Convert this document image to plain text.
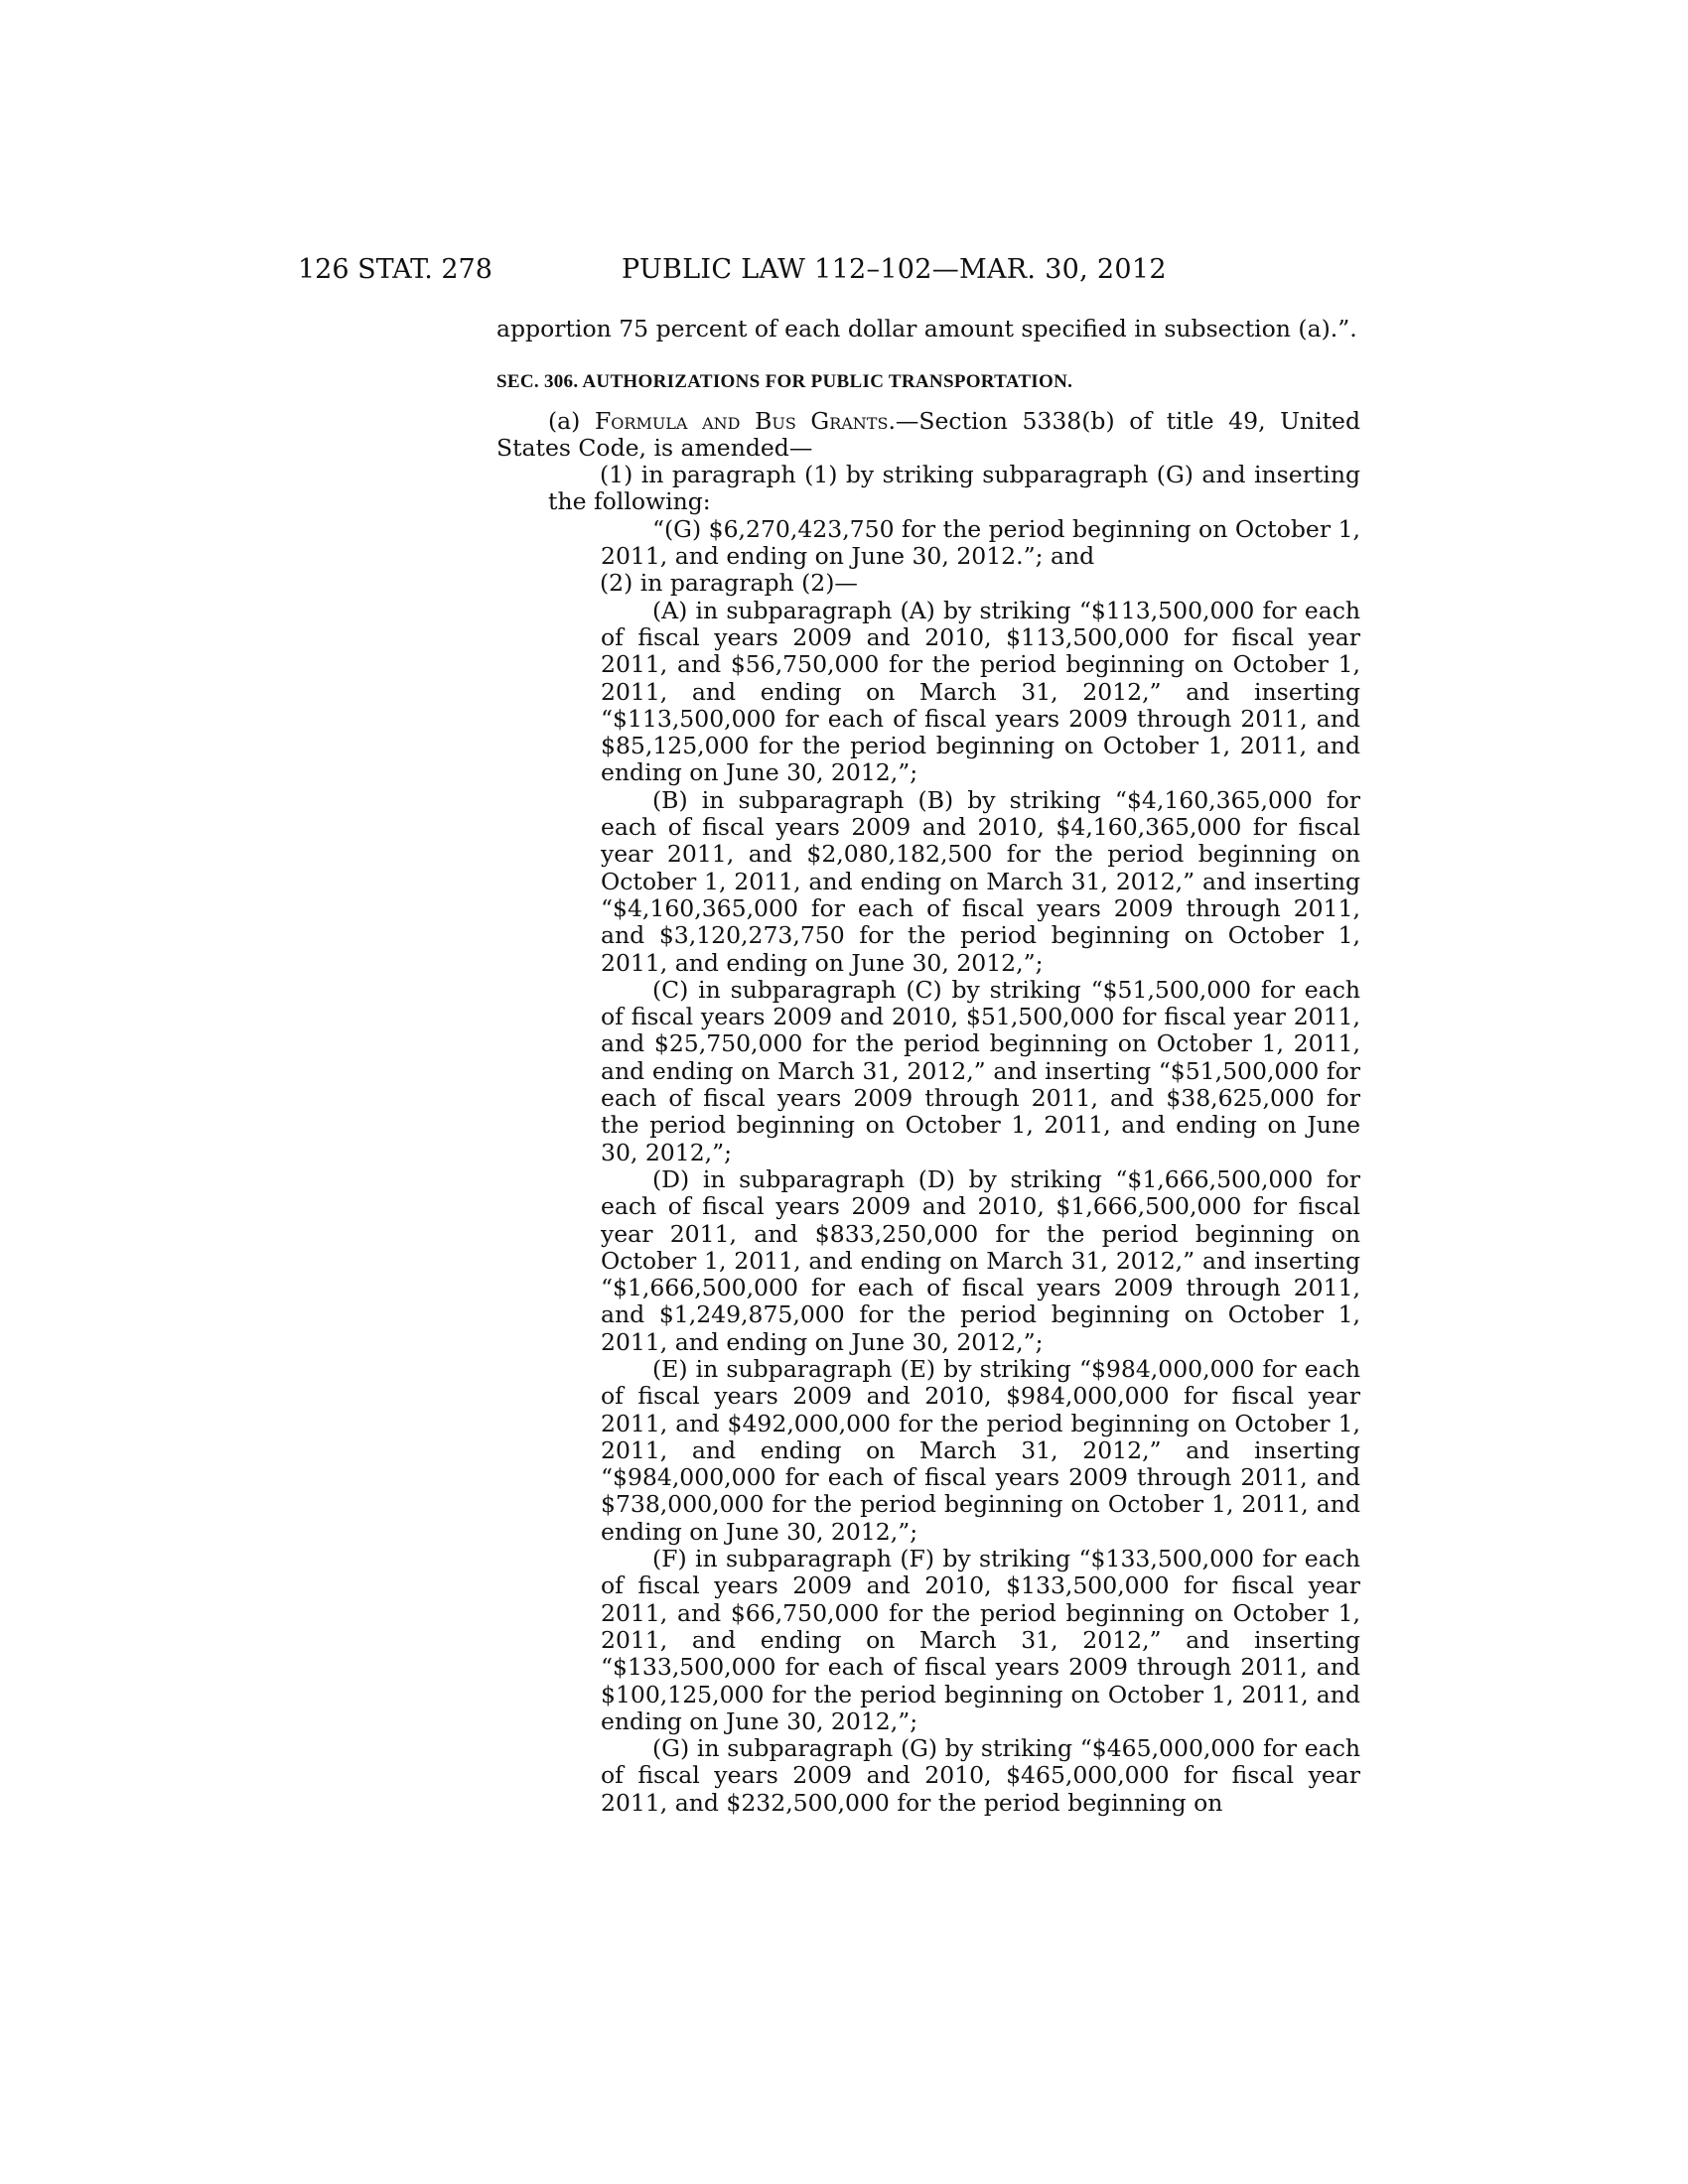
126 STAT. 278	PUBLIC LAW 112–102—MAR. 30, 2012

apportion 75 percent of each dollar amount specified in subsection (a).”.

SEC. 306. AUTHORIZATIONS FOR PUBLIC TRANSPORTATION.

(a) Formula and Bus Grants.—Section 5338(b) of title 49, United States Code, is amended—

(1) in paragraph (1) by striking subparagraph (G) and inserting the following:

“(G) $6,270,423,750 for the period beginning on October 1, 2011, and ending on June 30, 2012.”; and

(2) in paragraph (2)—

(A) in subparagraph (A) by striking “$113,500,000 for each of fiscal years 2009 and 2010, $113,500,000 for fiscal year 2011, and $56,750,000 for the period beginning on October 1, 2011, and ending on March 31, 2012,” and inserting “$113,500,000 for each of fiscal years 2009 through 2011, and $85,125,000 for the period beginning on October 1, 2011, and ending on June 30, 2012,”;

(B) in subparagraph (B) by striking “$4,160,365,000 for each of fiscal years 2009 and 2010, $4,160,365,000 for fiscal year 2011, and $2,080,182,500 for the period beginning on October 1, 2011, and ending on March 31, 2012,” and inserting “$4,160,365,000 for each of fiscal years 2009 through 2011, and $3,120,273,750 for the period beginning on October 1, 2011, and ending on June 30, 2012,”;

(C) in subparagraph (C) by striking “$51,500,000 for each of fiscal years 2009 and 2010, $51,500,000 for fiscal year 2011, and $25,750,000 for the period beginning on October 1, 2011, and ending on March 31, 2012,” and inserting “$51,500,000 for each of fiscal years 2009 through 2011, and $38,625,000 for the period beginning on October 1, 2011, and ending on June 30, 2012,”;

(D) in subparagraph (D) by striking “$1,666,500,000 for each of fiscal years 2009 and 2010, $1,666,500,000 for fiscal year 2011, and $833,250,000 for the period beginning on October 1, 2011, and ending on March 31, 2012,” and inserting “$1,666,500,000 for each of fiscal years 2009 through 2011, and $1,249,875,000 for the period beginning on October 1, 2011, and ending on June 30, 2012,”;

(E) in subparagraph (E) by striking “$984,000,000 for each of fiscal years 2009 and 2010, $984,000,000 for fiscal year 2011, and $492,000,000 for the period beginning on October 1, 2011, and ending on March 31, 2012,” and inserting “$984,000,000 for each of fiscal years 2009 through 2011, and $738,000,000 for the period beginning on October 1, 2011, and ending on June 30, 2012,”;

(F) in subparagraph (F) by striking “$133,500,000 for each of fiscal years 2009 and 2010, $133,500,000 for fiscal year 2011, and $66,750,000 for the period beginning on October 1, 2011, and ending on March 31, 2012,” and inserting “$133,500,000 for each of fiscal years 2009 through 2011, and $100,125,000 for the period beginning on October 1, 2011, and ending on June 30, 2012,”;

(G) in subparagraph (G) by striking “$465,000,000 for each of fiscal years 2009 and 2010, $465,000,000 for fiscal year 2011, and $232,500,000 for the period beginning on
